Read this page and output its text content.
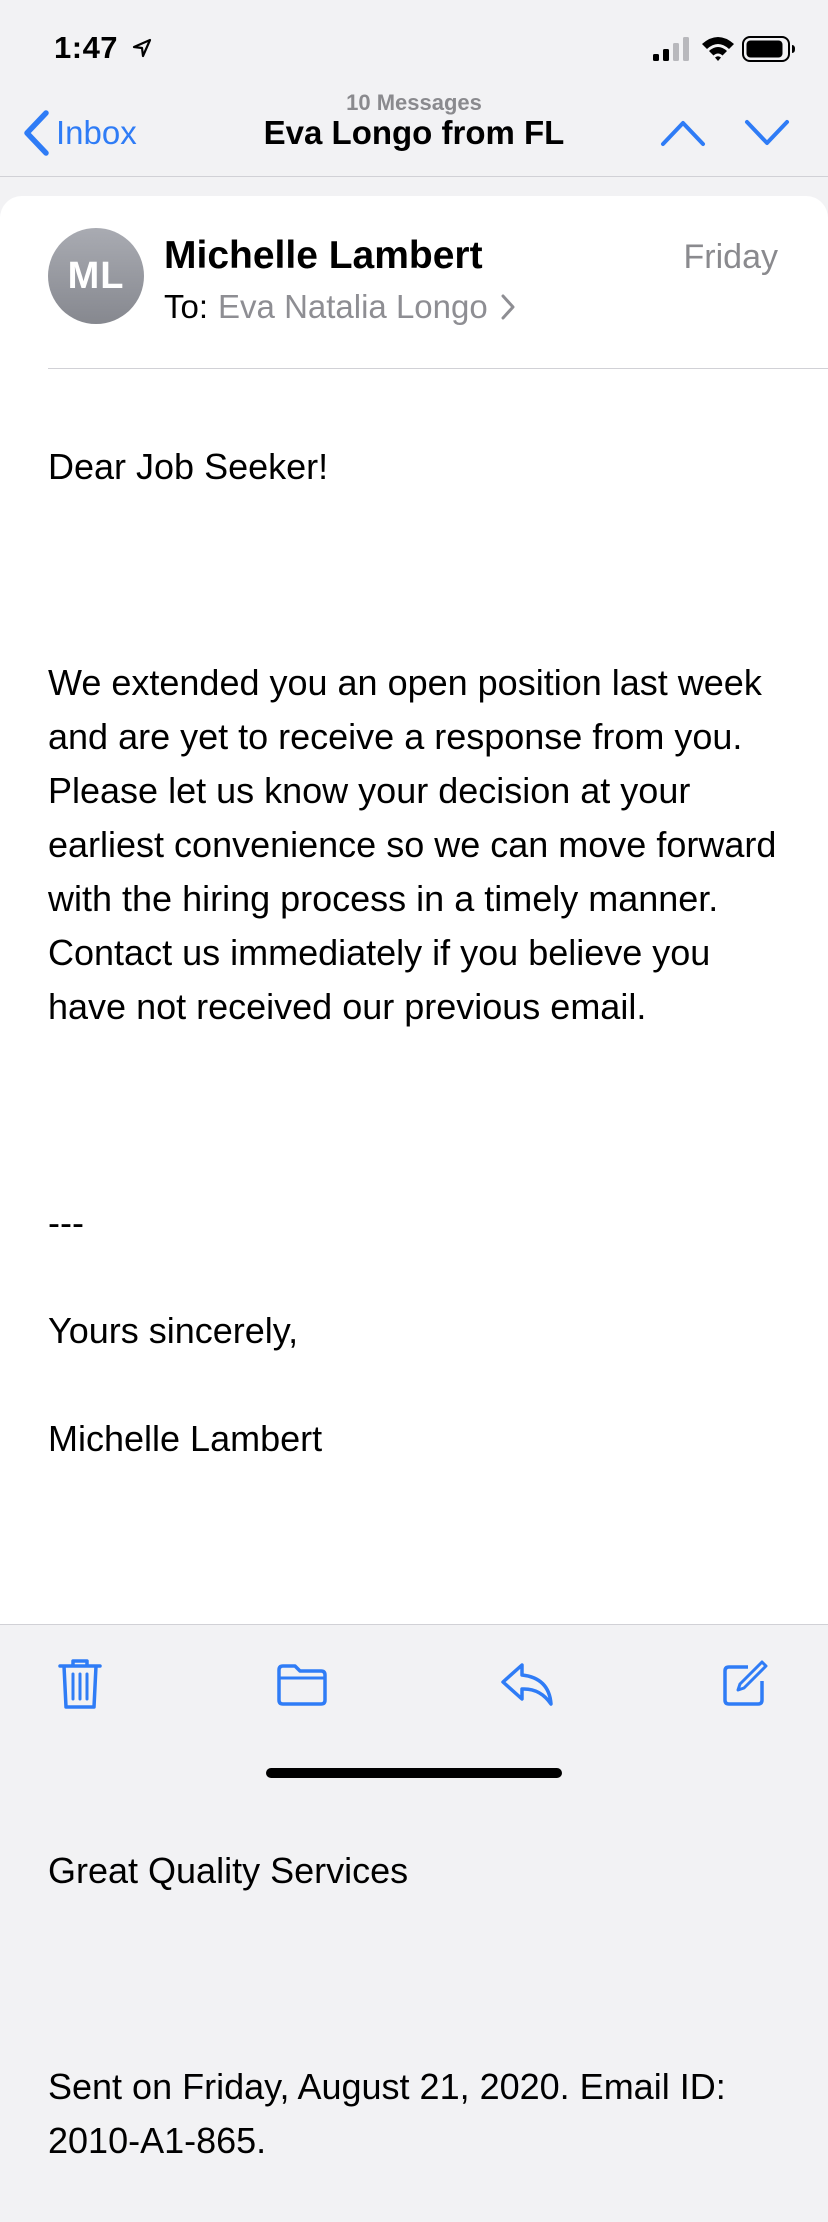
1:47
Inbox
10 Messages
Eva Longo from FL
ML	Michelle Lambert	Friday
To: Eva Natalia Longo

Dear Job Seeker!

We extended you an open position last week and are yet to receive a response from you. Please let us know your decision at your earliest convenience so we can move forward with the hiring process in a timely manner. Contact us immediately if you believe you have not received our previous email.

---

Yours sincerely,

Michelle Lambert

Great Quality Services

Sent on Friday, August 21, 2020. Email ID: 2010-A1-865.
